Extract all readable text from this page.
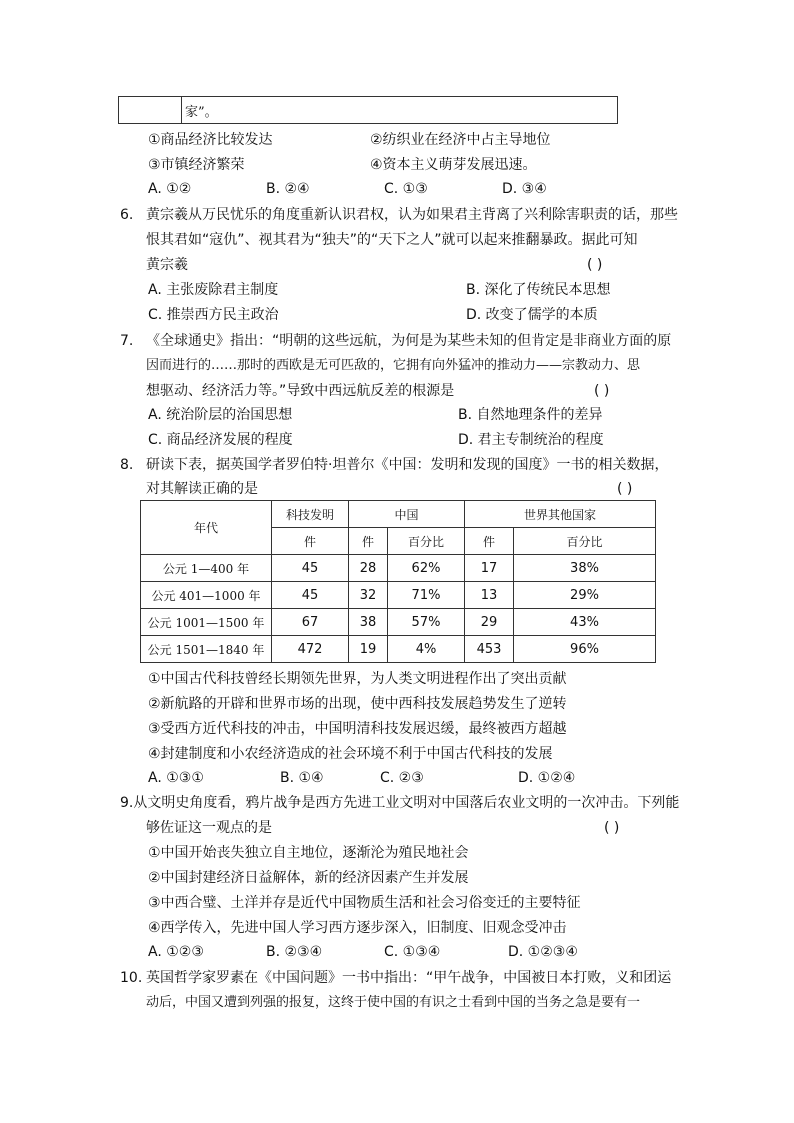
家”。
①商品经济比较发达	②纺织业在经济中占主导地位
③市镇经济繁荣	④资本主义萌芽发展迅速。
A. ①②	B. ②④	C. ①③	D. ③④
6. 黄宗羲从万民忧乐的角度重新认识君权，认为如果君主背离了兴利除害职责的话，那些
恨其君如“寇仇”、视其君为“独夫”的“天下之人”就可以起来推翻暴政。据此可知
黄宗羲	( )
A. 主张废除君主制度	B. 深化了传统民本思想
C. 推崇西方民主政治	D. 改变了儒学的本质
7. 《全球通史》指出：“明朝的这些远航，为何是为某些未知的但肯定是非商业方面的原
因而进行的……那时的西欧是无可匹敌的，它拥有向外猛冲的推动力——宗教动力、思
想驱动、经济活力等。”导致中西远航反差的根源是	( )
A. 统治阶层的治国思想	B. 自然地理条件的差异
C. 商品经济发展的程度	D. 君主专制统治的程度
8. 研读下表，据英国学者罗伯特·坦普尔《中国：发明和发现的国度》一书的相关数据，
对其解读正确的是	( )
年代	科技发明	中国		世界其他国家	
	件	件	百分比	件	百分比
公元 1—400 年	45	28	62%	17	38%
公元 401—1000 年	45	32	71%	13	29%
公元 1001—1500 年	67	38	57%	29	43%
公元 1501—1840 年	472	19	4%	453	96%
①中国古代科技曾经长期领先世界，为人类文明进程作出了突出贡献
②新航路的开辟和世界市场的出现，使中西科技发展趋势发生了逆转
③受西方近代科技的冲击，中国明清科技发展迟缓，最终被西方超越
④封建制度和小农经济造成的社会环境不利于中国古代科技的发展
A. ①③①	B. ①④	C. ②③	D. ①②④
9.从文明史角度看，鸦片战争是西方先进工业文明对中国落后农业文明的一次冲击。下列能
够佐证这一观点的是	( )
①中国开始丧失独立自主地位，逐渐沦为殖民地社会
②中国封建经济日益解体，新的经济因素产生并发展
③中西合璧、土洋并存是近代中国物质生活和社会习俗变迁的主要特征
④西学传入，先进中国人学习西方逐步深入，旧制度、旧观念受冲击
A. ①②③	B. ②③④	C. ①③④	D. ①②③④
10. 英国哲学家罗素在《中国问题》一书中指出：“甲午战争，中国被日本打败，义和团运
动后，中国又遭到列强的报复，这终于使中国的有识之士看到中国的当务之急是要有一
